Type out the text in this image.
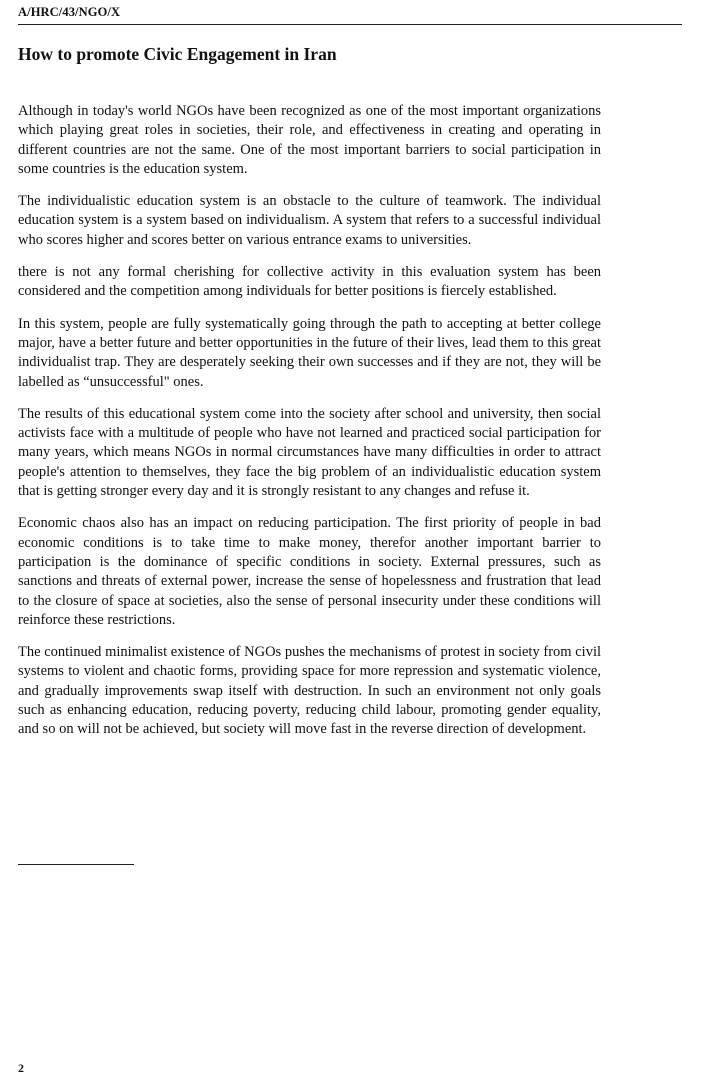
A/HRC/43/NGO/X
How to promote Civic Engagement in Iran

Although in today's world NGOs have been recognized as one of the most important organizations which playing great roles in societies, their role, and effectiveness in creating and operating in different countries are not the same. One of the most important barriers to social participation in some countries is the education system.

The individualistic education system is an obstacle to the culture of teamwork. The individual education system is a system based on individualism. A system that refers to a successful individual who scores higher and scores better on various entrance exams to universities.

there is not any formal cherishing for collective activity in this evaluation system has been considered and the competition among individuals for better positions is fiercely established.

In this system, people are fully systematically going through the path to accepting at better college major, have a better future and better opportunities in the future of their lives, lead them to this great individualist trap. They are desperately seeking their own successes and if they are not, they will be labelled as “unsuccessful" ones.

The results of this educational system come into the society after school and university, then social activists face with a multitude of people who have not learned and practiced social participation for many years, which means NGOs in normal circumstances have many difficulties in order to attract people's attention to themselves, they face the big problem of an individualistic education system that is getting stronger every day and it is strongly resistant to any changes and refuse it.

Economic chaos also has an impact on reducing participation. The first priority of people in bad economic conditions is to take time to make money, therefor another important barrier to participation is the dominance of specific conditions in society. External pressures, such as sanctions and threats of external power, increase the sense of hopelessness and frustration that lead to the closure of space at societies, also the sense of personal insecurity under these conditions will reinforce these restrictions.

The continued minimalist existence of NGOs pushes the mechanisms of protest in society from civil systems to violent and chaotic forms, providing space for more repression and systematic violence, and gradually improvements swap itself with destruction. In such an environment not only goals such as enhancing education, reducing poverty, reducing child labour, promoting gender equality, and so on will not be achieved, but society will move fast in the reverse direction of development.

2
